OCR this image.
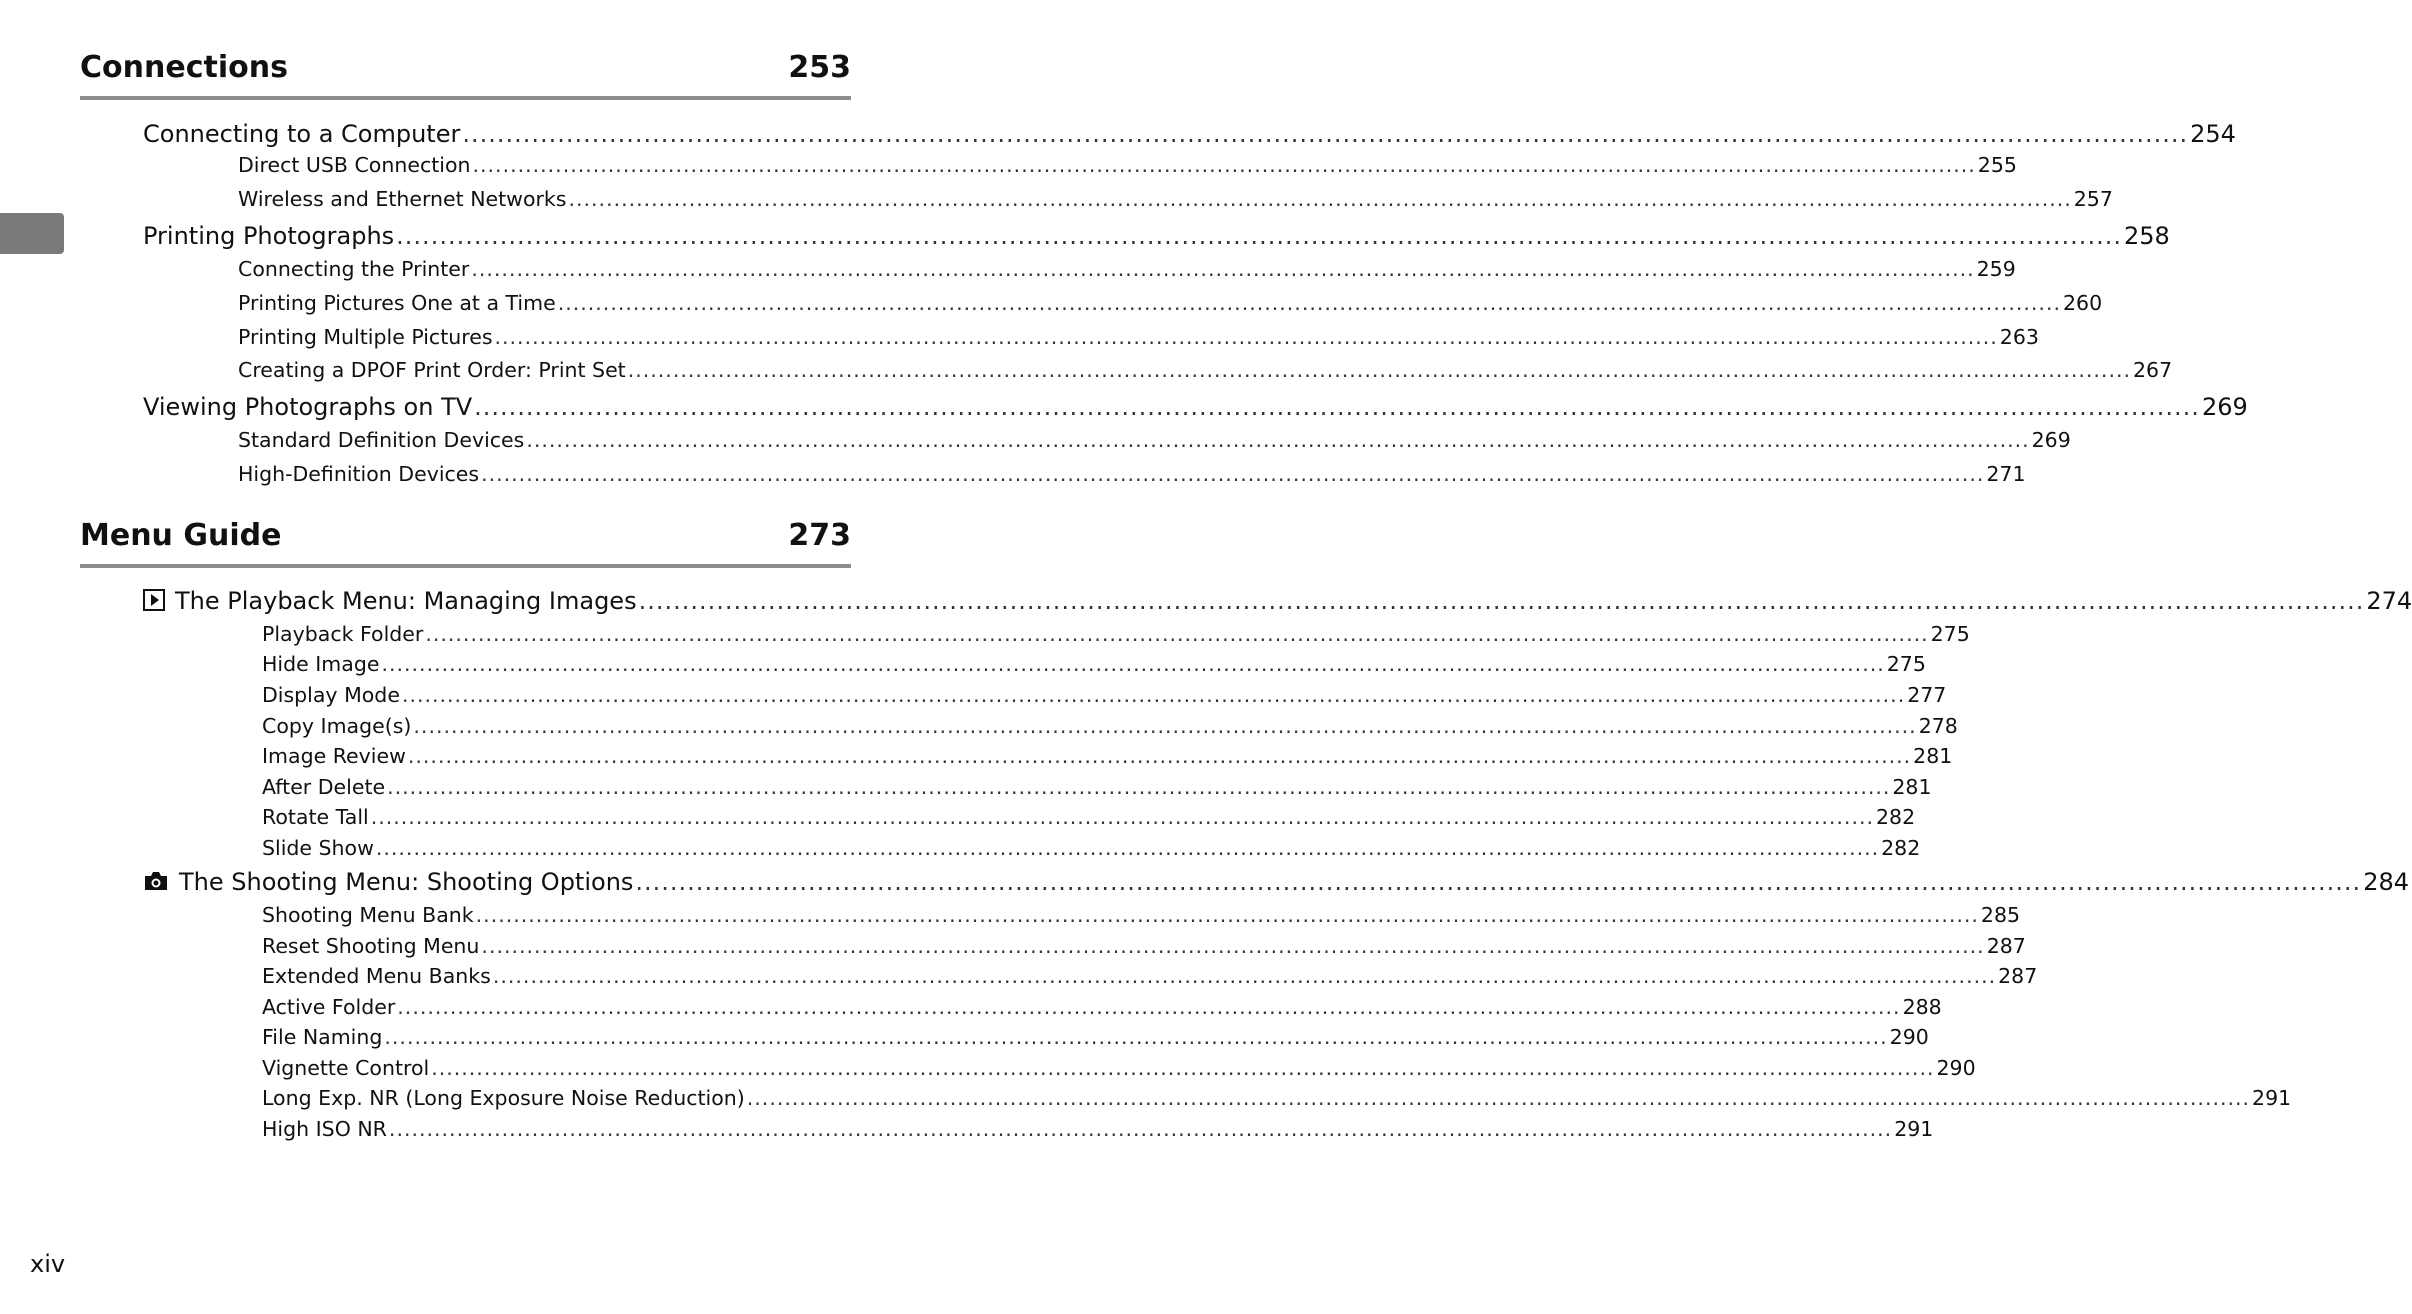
Connections	253
Menu Guide	273
Connecting to a Computer ........................................................................................................................................................................................................ 254
Direct USB Connection ........................................................................................................................................................................................................ 255
Wireless and Ethernet Networks ........................................................................................................................................................................................................ 257
Printing Photographs ........................................................................................................................................................................................................ 258
Connecting the Printer ........................................................................................................................................................................................................ 259
Printing Pictures One at a Time ........................................................................................................................................................................................................ 260
Printing Multiple Pictures ........................................................................................................................................................................................................ 263
Creating a DPOF Print Order: Print Set ........................................................................................................................................................................................................ 267
Viewing Photographs on TV ........................................................................................................................................................................................................ 269
Standard Definition Devices ........................................................................................................................................................................................................ 269
High-Definition Devices ........................................................................................................................................................................................................ 271
The Playback Menu: Managing Images ........................................................................................................................................................................................................ 274
Playback Folder ........................................................................................................................................................................................................ 275
Hide Image ........................................................................................................................................................................................................ 275
Display Mode ........................................................................................................................................................................................................ 277
Copy Image(s) ........................................................................................................................................................................................................ 278
Image Review ........................................................................................................................................................................................................ 281
After Delete ........................................................................................................................................................................................................ 281
Rotate Tall ........................................................................................................................................................................................................ 282
Slide Show ........................................................................................................................................................................................................ 282
The Shooting Menu: Shooting Options ........................................................................................................................................................................................................ 284
Shooting Menu Bank ........................................................................................................................................................................................................ 285
Reset Shooting Menu ........................................................................................................................................................................................................ 287
Extended Menu Banks ........................................................................................................................................................................................................ 287
Active Folder ........................................................................................................................................................................................................ 288
File Naming ........................................................................................................................................................................................................ 290
Vignette Control ........................................................................................................................................................................................................ 290
Long Exp. NR (Long Exposure Noise Reduction) ........................................................................................................................................................................................................ 291
High ISO NR ........................................................................................................................................................................................................ 291
xiv
